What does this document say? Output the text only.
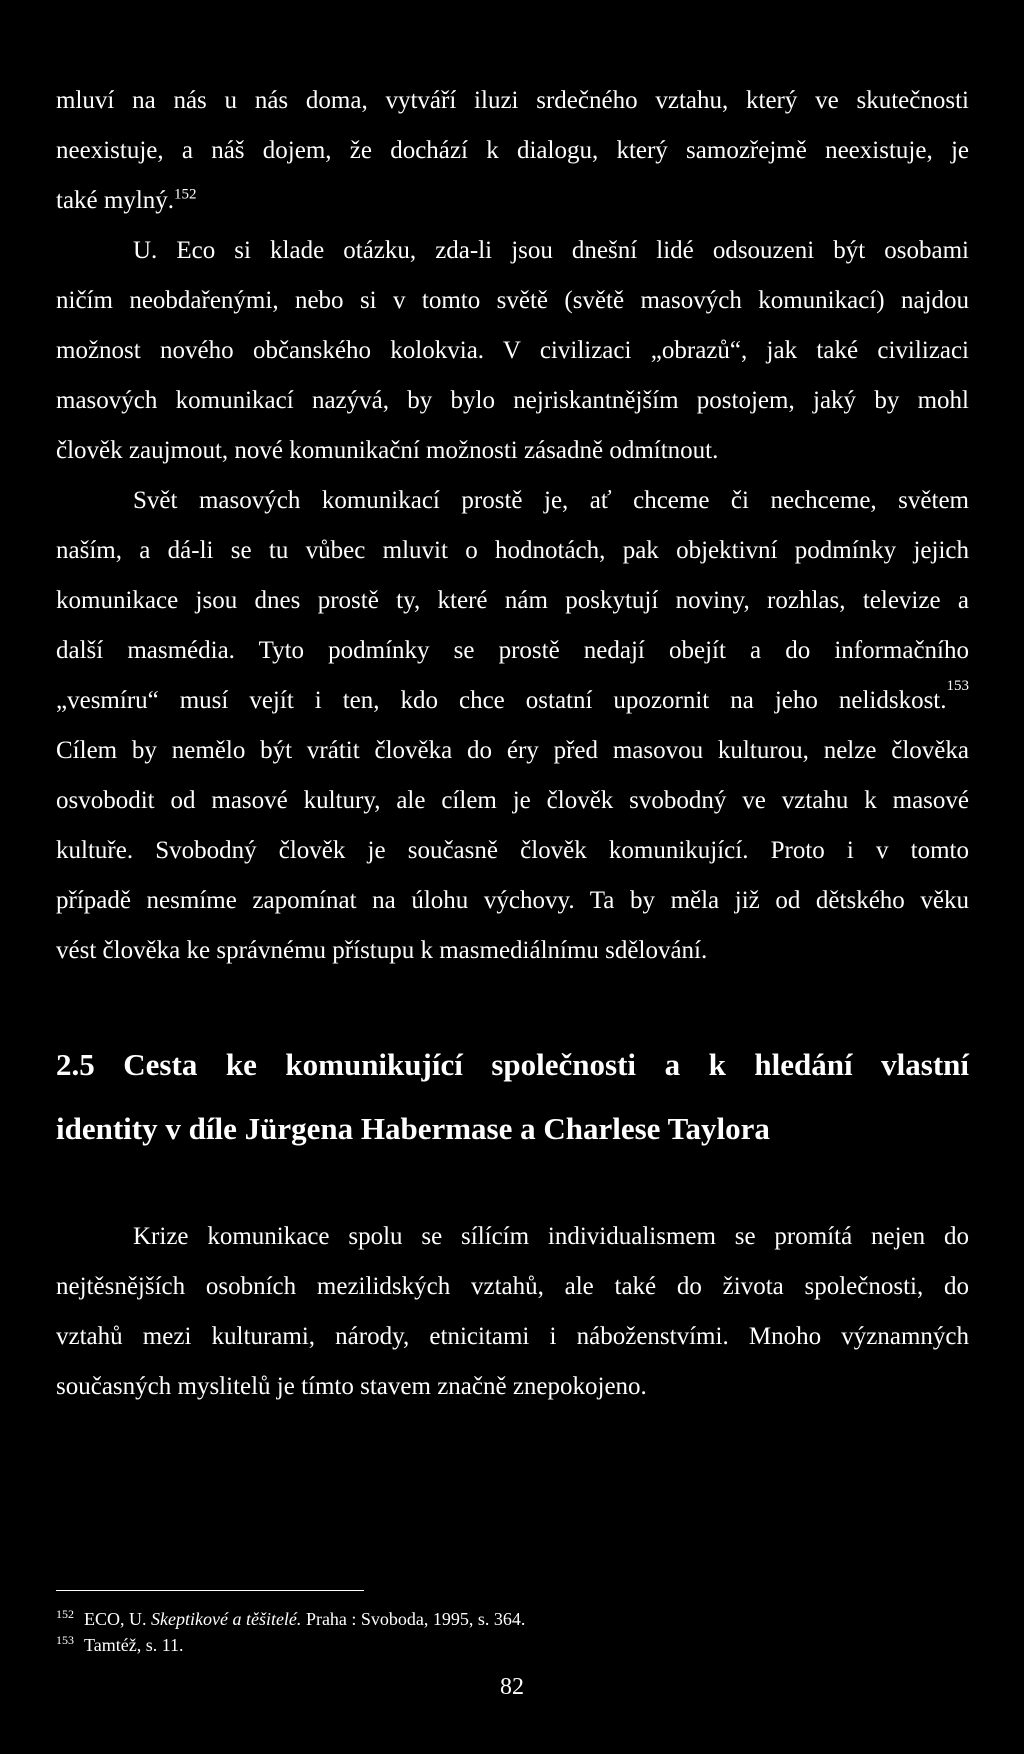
mluví na nás u nás doma, vytváří iluzi srdečného vztahu, který ve skutečnosti
neexistuje, a náš dojem, že dochází k dialogu, který samozřejmě neexistuje, je
také mylný.$^{152}$
U. Eco si klade otázku, zda-li jsou dnešní lidé odsouzeni být osobami
ničím neobdařenými, nebo si v tomto světě (světě masových komunikací) najdou
možnost nového občanského kolokvia. V civilizaci „obrazů“, jak také civilizaci
masových komunikací nazývá, by bylo nejriskantnějším postojem, jaký by mohl
člověk zaujmout, nové komunikační možnosti zásadně odmítnout.
Svět masových komunikací prostě je, ať chceme či nechceme, světem
naším, a dá-li se tu vůbec mluvit o hodnotách, pak objektivní podmínky jejich
komunikace jsou dnes prostě ty, které nám poskytují noviny, rozhlas, televize a
další masmédia. Tyto podmínky se prostě nedají obejít a do informačního
„vesmíru“ musí vejít i ten, kdo chce ostatní upozornit na jeho nelidskost.
153
Cílem by nemělo být vrátit člověka do éry před masovou kulturou, nelze člověka
osvobodit od masové kultury, ale cílem je člověk svobodný ve vztahu k masové
kultuře. Svobodný člověk je současně člověk komunikující. Proto i v tomto
případě nesmíme zapomínat na úlohu výchovy. Ta by měla již od dětského věku
vést člověka ke správnému přístupu k masmediálnímu sdělování.
2.5 Cesta ke komunikující společnosti a k hledání vlastní
identity v díle Jürgena Habermase a Charlese Taylora
Krize komunikace spolu se sílícím individualismem se promítá nejen do
nejtěsnějších osobních mezilidských vztahů, ale také do života společnosti, do
vztahů mezi kulturami, národy, etnicitami i náboženstvími. Mnoho významných
současných myslitelů je tímto stavem značně znepokojeno.
$^{152}$ ECO, U. Skeptikové a těšitelé. Praha : Svoboda, 1995, s. 364.
$^{153}$ Tamtéž, s. 11.
82
